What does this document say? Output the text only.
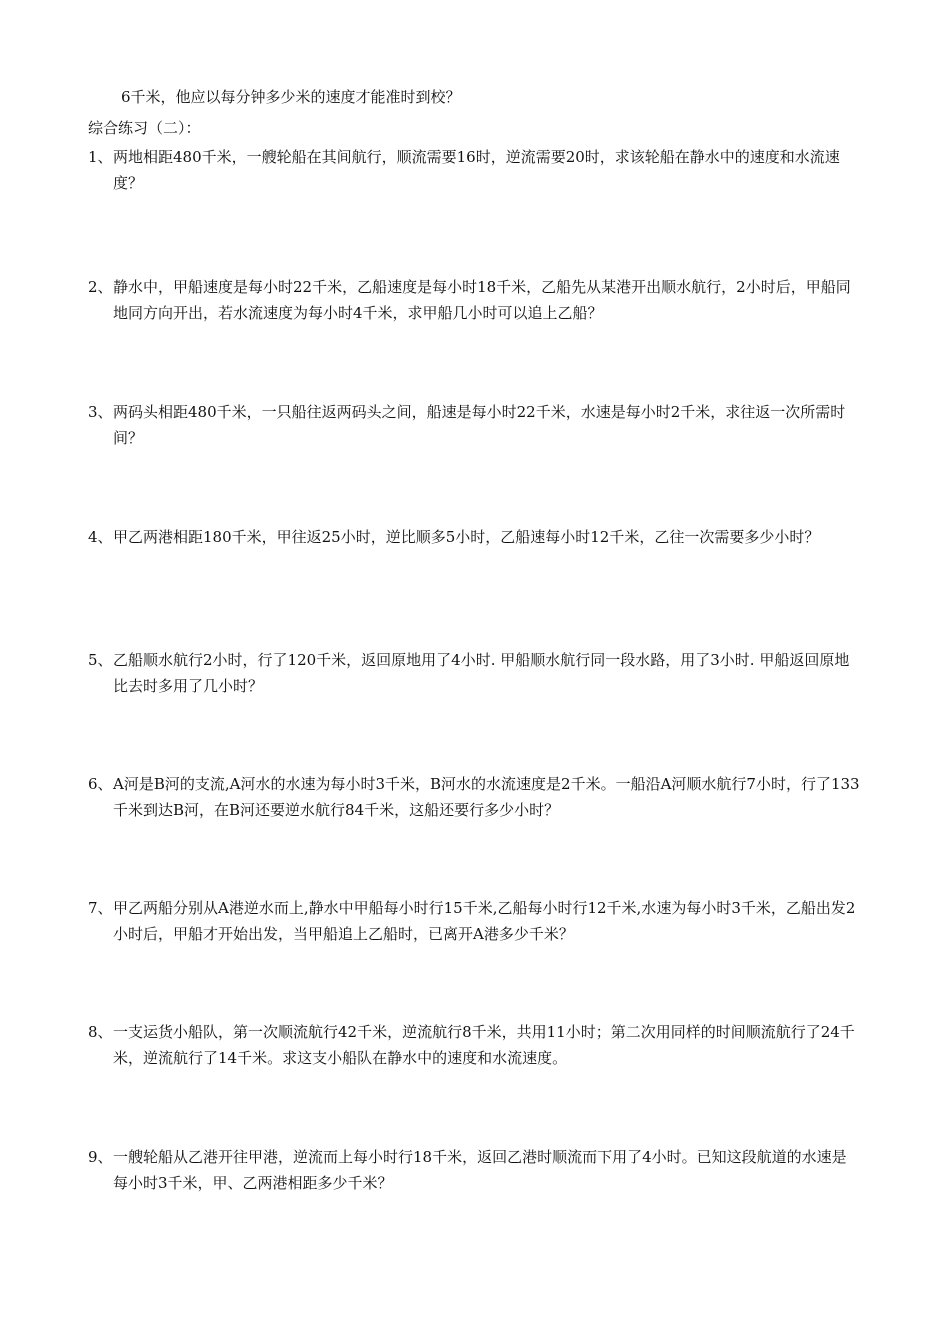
6千米，他应以每分钟多少米的速度才能准时到校？
综合练习（二）：
1、 两地相距480千米，一艘轮船在其间航行，顺流需要16时，逆流需要20时，求该轮船在静水中的速度和水流速度？

2、 静水中，甲船速度是每小时22千米，乙船速度是每小时18千米，乙船先从某港开出顺水航行，2小时后，甲船同地同方向开出，若水流速度为每小时4千米，求甲船几小时可以追上乙船？

3、 两码头相距480千米，一只船往返两码头之间，船速是每小时22千米，水速是每小时2千米，求往返一次所需时间？

4、 甲乙两港相距180千米，甲往返25小时，逆比顺多5小时，乙船速每小时12千米，乙往一次需要多少小时？

5、 乙船顺水航行2小时，行了120千米，返回原地用了4小时. 甲船顺水航行同一段水路，用了3小时. 甲船返回原地比去时多用了几小时？

6、 A河是B河的支流,A河水的水速为每小时3千米，B河水的水流速度是2千米。一船沿A河顺水航行7小时，行了133千米到达B河，在B河还要逆水航行84千米，这船还要行多少小时？

7、 甲乙两船分别从A港逆水而上,静水中甲船每小时行15千米,乙船每小时行12千米,水速为每小时3千米，乙船出发2小时后，甲船才开始出发，当甲船追上乙船时，已离开A港多少千米？

8、 一支运货小船队，第一次顺流航行42千米，逆流航行8千米，共用11小时；第二次用同样的时间顺流航行了24千米，逆流航行了14千米。求这支小船队在静水中的速度和水流速度。

9、 一艘轮船从乙港开往甲港，逆流而上每小时行18千米，返回乙港时顺流而下用了4小时。已知这段航道的水速是每小时3千米，甲、乙两港相距多少千米？
